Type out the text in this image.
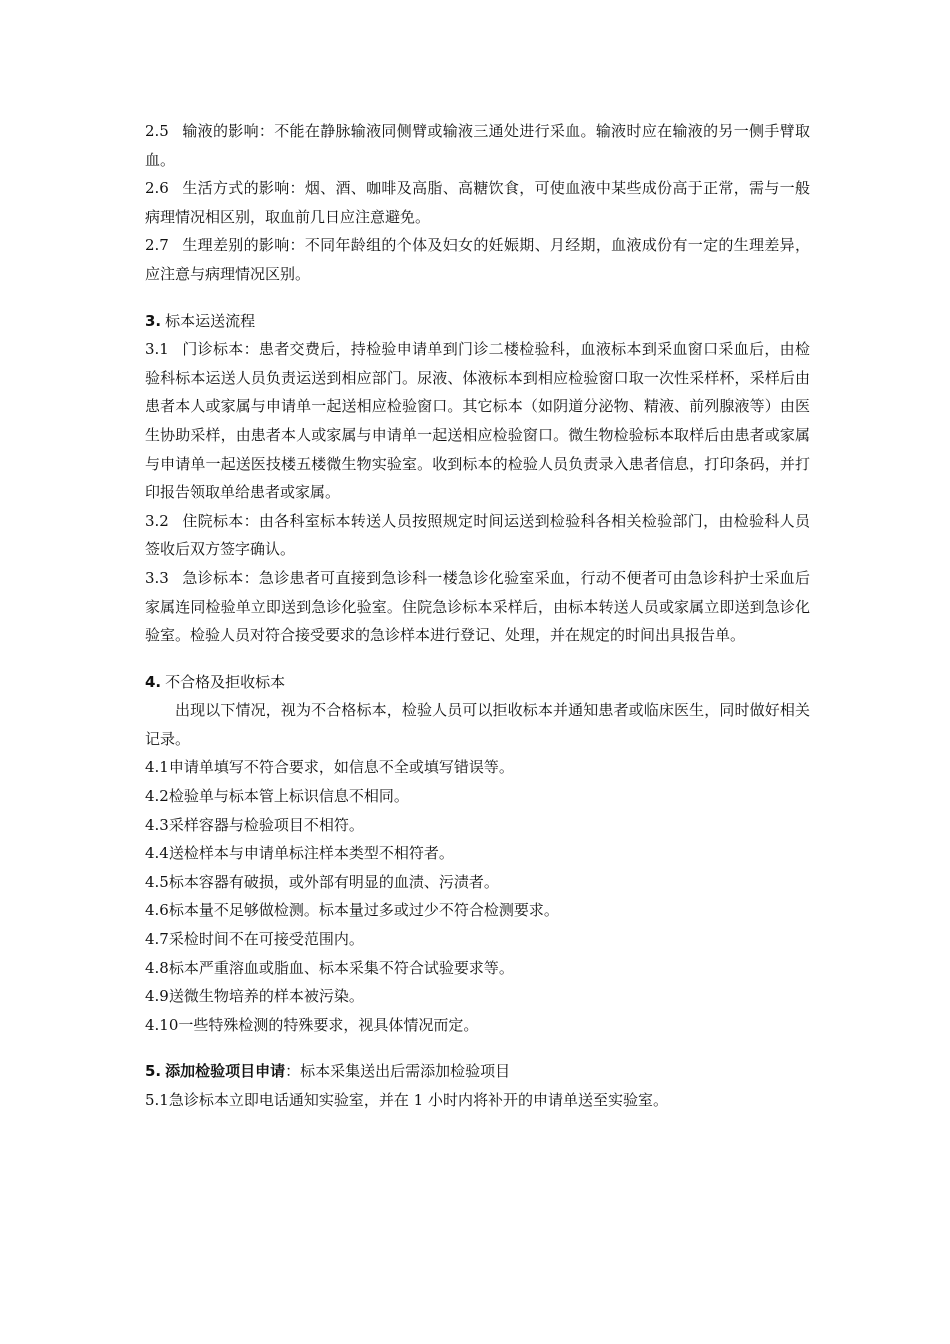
2.5 输液的影响：不能在静脉输液同侧臂或输液三通处进行采血。输液时应在输液的另一侧手臂取血。

2.6 生活方式的影响：烟、酒、咖啡及高脂、高糖饮食，可使血液中某些成份高于正常，需与一般病理情况相区别，取血前几日应注意避免。

2.7 生理差别的影响：不同年龄组的个体及妇女的妊娠期、月经期，血液成份有一定的生理差异，应注意与病理情况区别。

3. 标本运送流程

3.1 门诊标本：患者交费后，持检验申请单到门诊二楼检验科，血液标本到采血窗口采血后，由检验科标本运送人员负责运送到相应部门。尿液、体液标本到相应检验窗口取一次性采样杯，采样后由患者本人或家属与申请单一起送相应检验窗口。其它标本（如阴道分泌物、精液、前列腺液等）由医生协助采样，由患者本人或家属与申请单一起送相应检验窗口。微生物检验标本取样后由患者或家属与申请单一起送医技楼五楼微生物实验室。收到标本的检验人员负责录入患者信息，打印条码，并打印报告领取单给患者或家属。

3.2 住院标本：由各科室标本转送人员按照规定时间运送到检验科各相关检验部门，由检验科人员签收后双方签字确认。

3.3 急诊标本：急诊患者可直接到急诊科一楼急诊化验室采血，行动不便者可由急诊科护士采血后家属连同检验单立即送到急诊化验室。住院急诊标本采样后，由标本转送人员或家属立即送到急诊化验室。检验人员对符合接受要求的急诊样本进行登记、处理，并在规定的时间出具报告单。

4. 不合格及拒收标本

出现以下情况，视为不合格标本，检验人员可以拒收标本并通知患者或临床医生，同时做好相关记录。

4.1申请单填写不符合要求，如信息不全或填写错误等。

4.2检验单与标本管上标识信息不相同。

4.3采样容器与检验项目不相符。

4.4送检样本与申请单标注样本类型不相符者。

4.5标本容器有破损，或外部有明显的血渍、污渍者。

4.6标本量不足够做检测。标本量过多或过少不符合检测要求。

4.7采检时间不在可接受范围内。

4.8标本严重溶血或脂血、标本采集不符合试验要求等。

4.9送微生物培养的样本被污染。

4.10一些特殊检测的特殊要求，视具体情况而定。

5. 添加检验项目申请：标本采集送出后需添加检验项目

5.1急诊标本立即电话通知实验室，并在 1 小时内将补开的申请单送至实验室。
